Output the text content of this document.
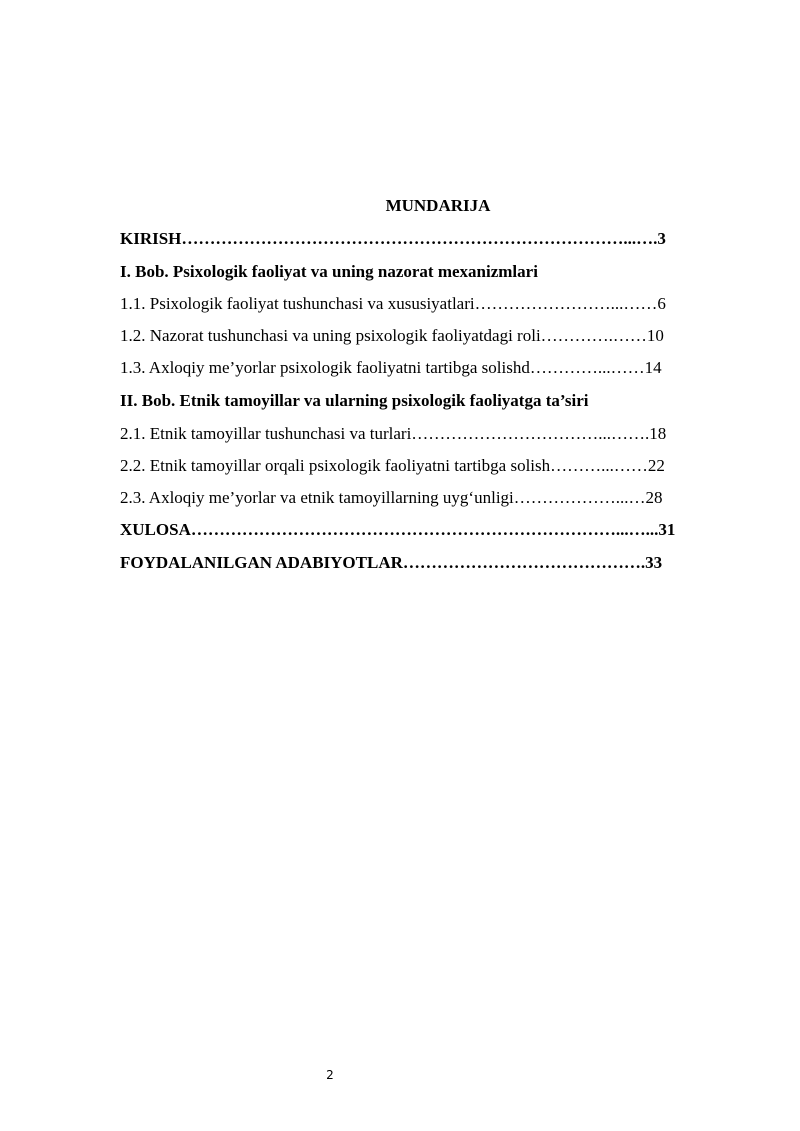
MUNDARIJA
KIRISH……………………………………………………………………...….3
I. Bob. Psixologik faoliyat va uning nazorat mexanizmlari
1.1. Psixologik faoliyat tushunchasi va xususiyatlari……………………...……6
1.2. Nazorat tushunchasi va uning psixologik faoliyatdagi roli………….……10
1.3. Axloqiy me’yorlar psixologik faoliyatni tartibga solishd…………...……14
II. Bob. Etnik tamoyillar va ularning psixologik faoliyatga ta’siri
2.1. Etnik tamoyillar tushunchasi va turlari……………………………...…….18
2.2. Etnik tamoyillar orqali psixologik faoliyatni tartibga solish………...……22
2.3. Axloqiy me’yorlar va etnik tamoyillarning uyg‘unligi………………...…28
XULOSA…………………………………………………………………...…...31
FOYDALANILGAN ADABIYOTLAR…………………………………….33
2
